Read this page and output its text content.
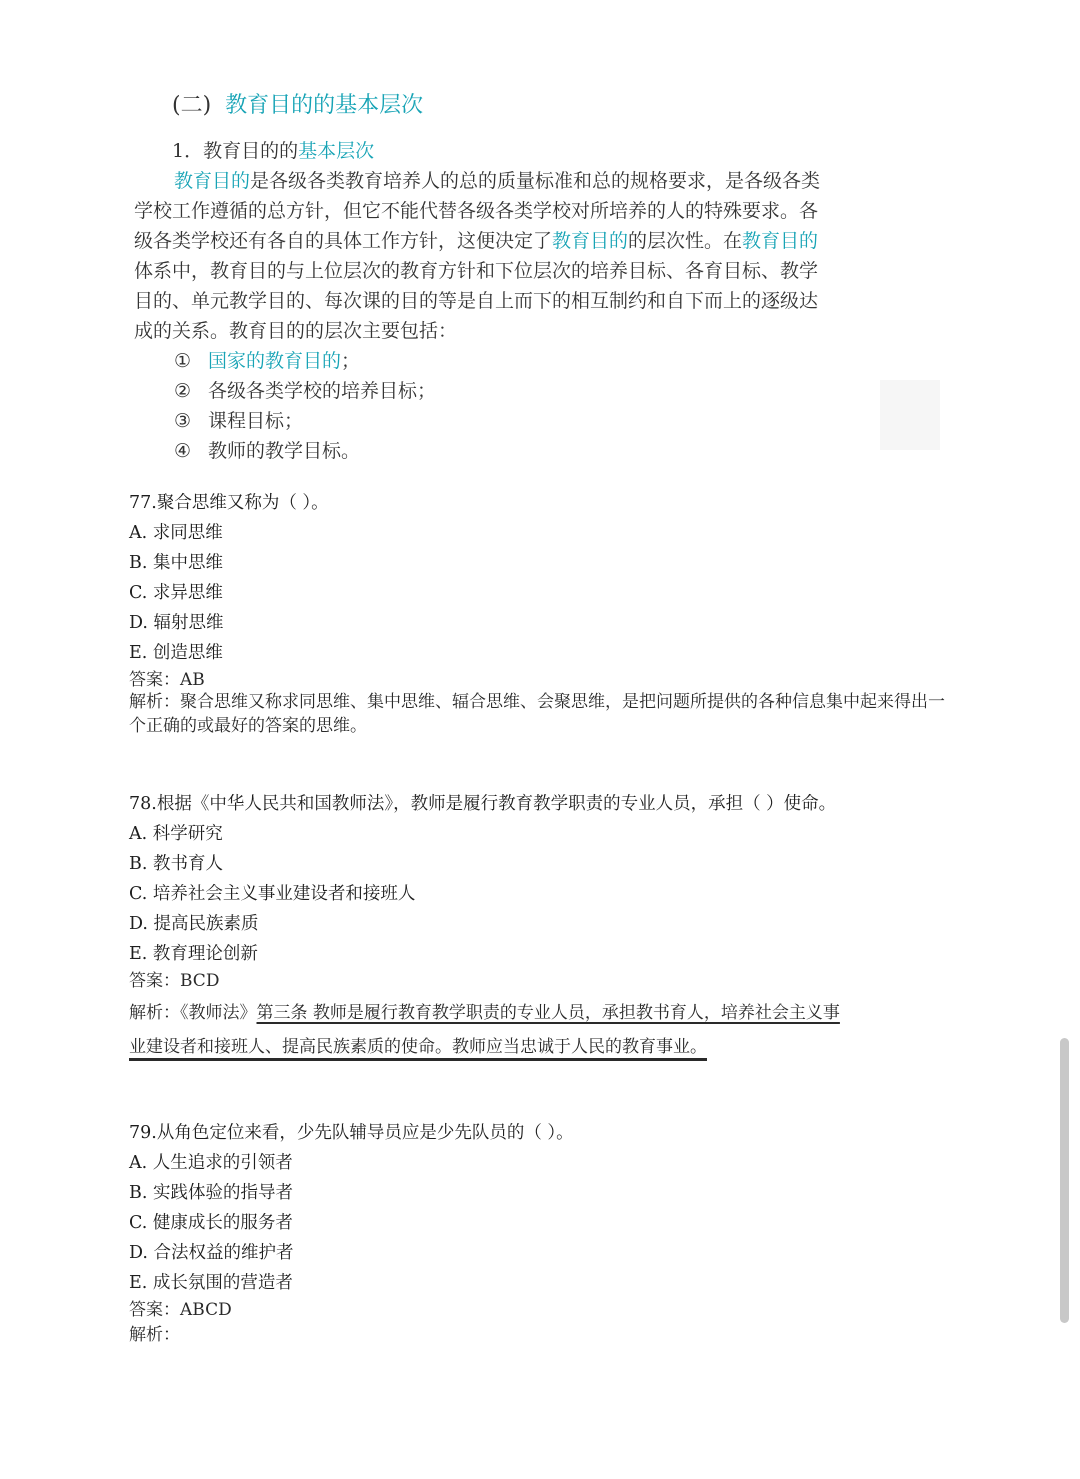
(二) 教育目的的基本层次
1．教育目的的基本层次
教育目的是各级各类教育培养人的总的质量标准和总的规格要求，是各级各类
学校工作遵循的总方针，但它不能代替各级各类学校对所培养的人的特殊要求。各
级各类学校还有各自的具体工作方针，这便决定了教育目的的层次性。在教育目的
体系中，教育目的与上位层次的教育方针和下位层次的培养目标、各育目标、教学
目的、单元教学目的、每次课的目的等是自上而下的相互制约和自下而上的逐级达
成的关系。教育目的的层次主要包括：
① 国家的教育目的；
② 各级各类学校的培养目标；
③ 课程目标；
④ 教师的教学目标。
77.聚合思维又称为（ ）。
A. 求同思维
B. 集中思维
C. 求异思维
D. 辐射思维
E. 创造思维
答案：AB
解析：聚合思维又称求同思维、集中思维、辐合思维、会聚思维，是把问题所提供的各种信息集中起来得出一个正确的或最好的答案的思维。
78.根据《中华人民共和国教师法》，教师是履行教育教学职责的专业人员，承担（ ）使命。
A. 科学研究
B. 教书育人
C. 培养社会主义事业建设者和接班人
D. 提高民族素质
E. 教育理论创新
答案：BCD
解析：《教师法》第三条 教师是履行教育教学职责的专业人员，承担教书育人，培养社会主义事
业建设者和接班人、提高民族素质的使命。教师应当忠诚于人民的教育事业。
79.从角色定位来看，少先队辅导员应是少先队员的（ ）。
A. 人生追求的引领者
B. 实践体验的指导者
C. 健康成长的服务者
D. 合法权益的维护者
E. 成长氛围的营造者
答案：ABCD
解析：
